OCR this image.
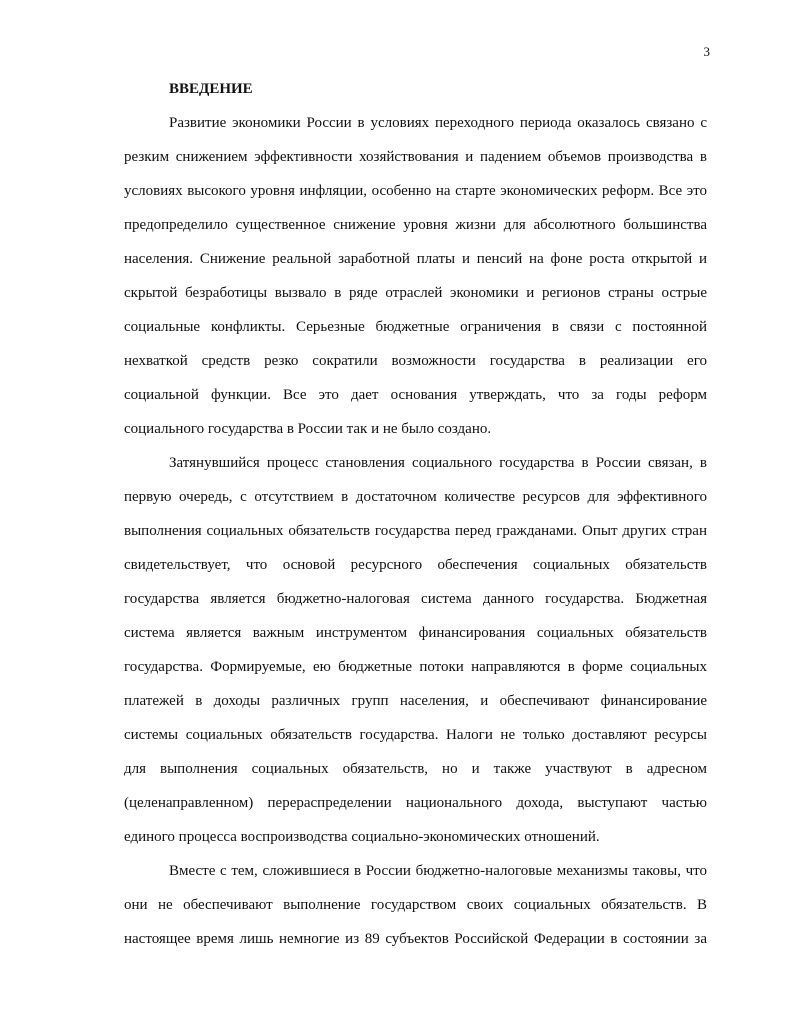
3
ВВЕДЕНИЕ
Развитие экономики России в условиях переходного периода оказалось связано с
резким снижением эффективности хозяйствования и падением объемов производства в
условиях высокого уровня инфляции, особенно на старте экономических реформ. Все это
предопределило существенное снижение уровня жизни для абсолютного большинства
населения. Снижение реальной заработной платы и пенсий на фоне роста открытой и
скрытой безработицы вызвало в ряде отраслей экономики и регионов страны острые
социальные конфликты. Серьезные бюджетные ограничения в связи с постоянной
нехваткой средств резко сократили возможности государства в реализации его
социальной функции. Все это дает основания утверждать, что за годы реформ
социального государства в России так и не было создано.
Затянувшийся процесс становления социального государства в России связан, в
первую очередь, с отсутствием в достаточном количестве ресурсов для эффективного
выполнения социальных обязательств государства перед гражданами. Опыт других стран
свидетельствует, что основой ресурсного обеспечения социальных обязательств
государства является бюджетно-налоговая система данного государства. Бюджетная
система является важным инструментом финансирования социальных обязательств
государства. Формируемые, ею бюджетные потоки направляются в форме социальных
платежей в доходы различных групп населения, и обеспечивают финансирование
системы социальных обязательств государства. Налоги не только доставляют ресурсы
для выполнения социальных обязательств, но и также участвуют в адресном
(целенаправленном) перераспределении национального дохода, выступают частью
единого процесса воспроизводства социально-экономических отношений.
Вместе с тем, сложившиеся в России бюджетно-налоговые механизмы таковы, что
они не обеспечивают выполнение государством своих социальных обязательств. В
настоящее время лишь немногие из 89 субъектов Российской Федерации в состоянии за
